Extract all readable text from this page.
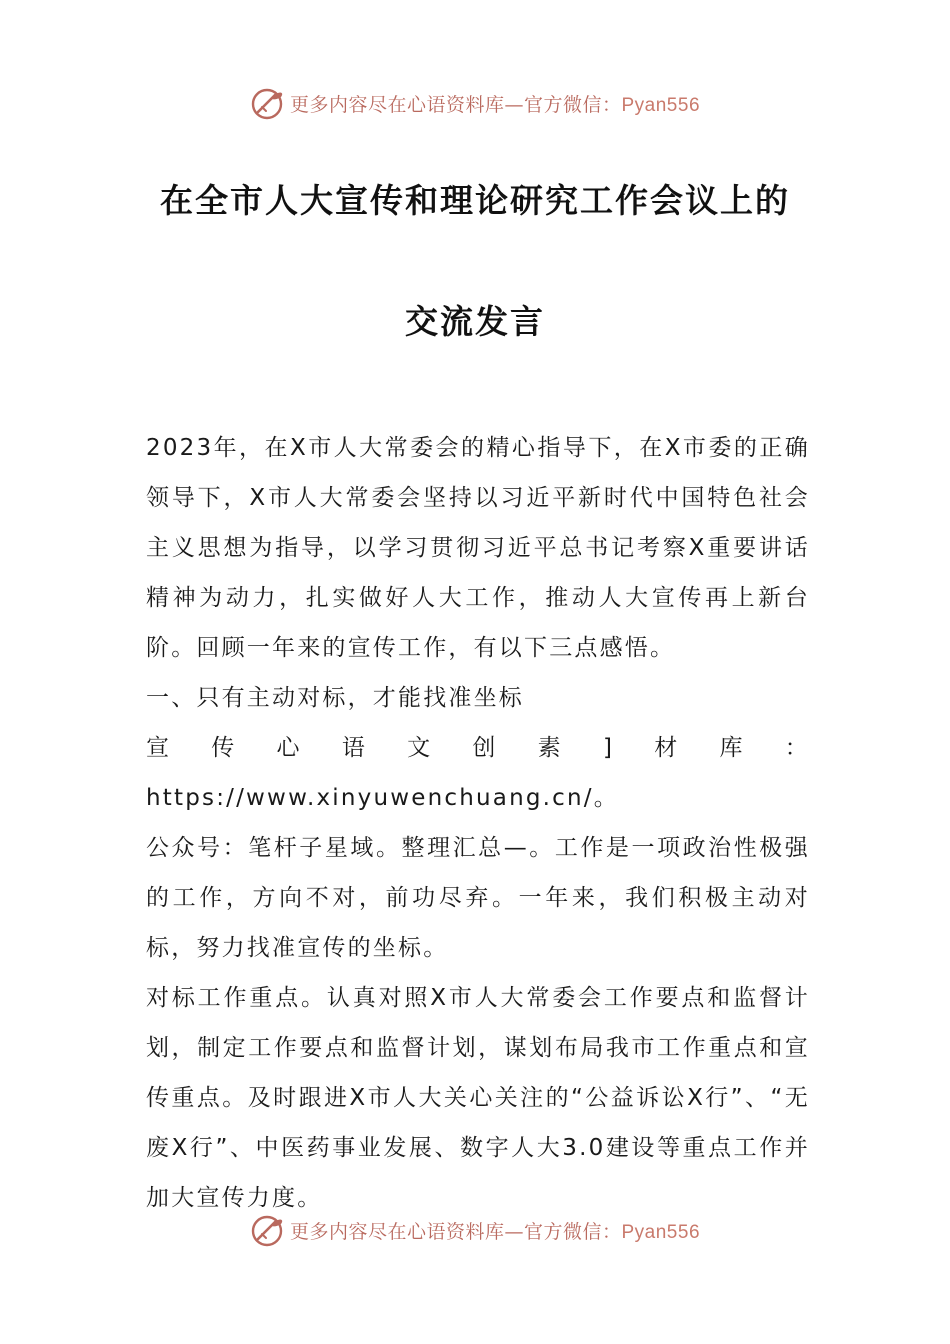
更多内容尽在心语资料库—官方微信：Pyan556
在全市人大宣传和理论研究工作会议上的
交流发言

2023年，在X市人大常委会的精心指导下，在X市委的正确领导下，X市人大常委会坚持以习近平新时代中国特色社会主义思想为指导，以学习贯彻习近平总书记考察X重要讲话精神为动力，扎实做好人大工作，推动人大宣传再上新台阶。回顾一年来的宣传工作，有以下三点感悟。

一、只有主动对标，才能找准坐标

宣传心语文创素]材库：https://www.xinyuwenchuang.cn/。

公众号：笔杆子星域。整理汇总—。工作是一项政治性极强的工作，方向不对，前功尽弃。一年来，我们积极主动对标，努力找准宣传的坐标。

对标工作重点。认真对照X市人大常委会工作要点和监督计划，制定工作要点和监督计划，谋划布局我市工作重点和宣传重点。及时跟进X市人大关心关注的“公益诉讼X行”、“无废X行”、中医药事业发展、数字人大3.0建设等重点工作并加大宣传力度。

更多内容尽在心语资料库—官方微信：Pyan556
